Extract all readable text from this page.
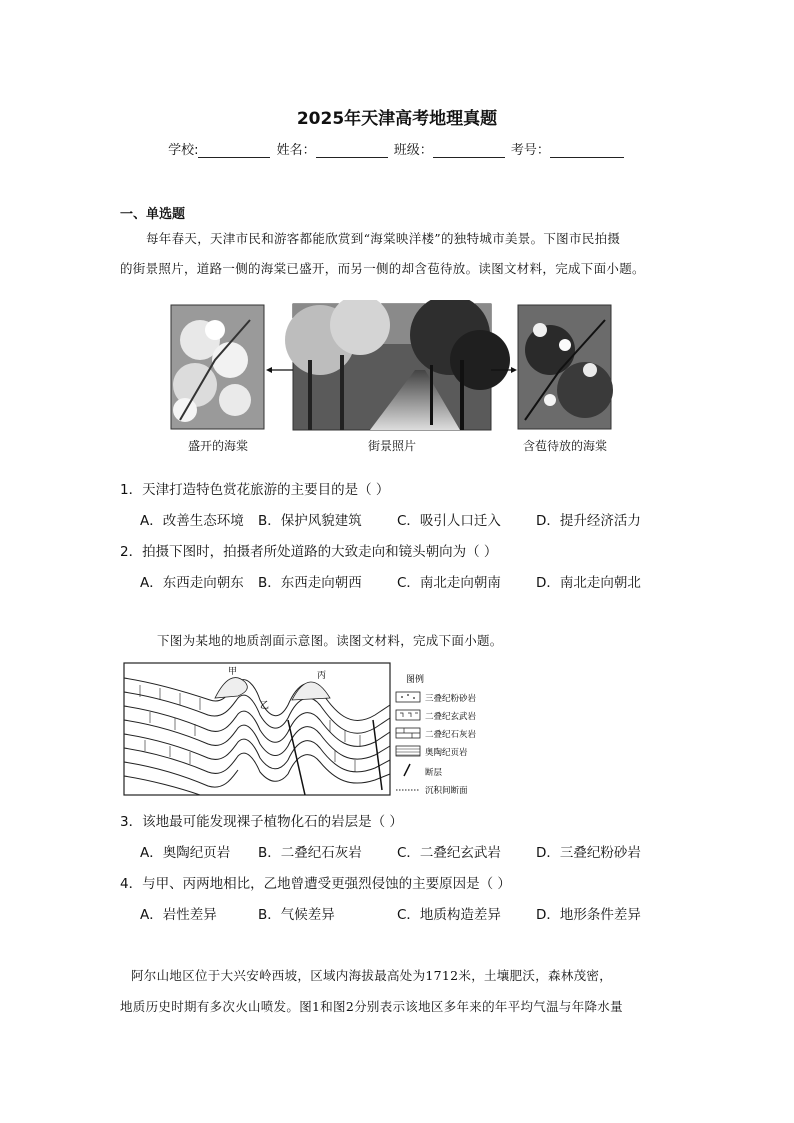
2025年天津高考地理真题
学校:	姓名：	班级：	考号：
一、单选题
每年春天，天津市民和游客都能欣赏到“海棠映洋楼”的独特城市美景。下图市民拍摄
的街景照片，道路一侧的海棠已盛开，而另一侧的却含苞待放。读图文材料，完成下面小题。
盛开的海棠	街景照片	含苞待放的海棠
1．天津打造特色赏花旅游的主要目的是（ ）
A．改善生态环境 B．保护风貌建筑	C．吸引人口迁入	D．提升经济活力
2．拍摄下图时，拍摄者所处道路的大致走向和镜头朝向为（ ）
A．东西走向朝东 B．东西走向朝西	C．南北走向朝南	D．南北走向朝北
下图为某地的地质剖面示意图。读图文材料，完成下面小题。
甲
乙
丙	图例
三叠纪粉砂岩
二叠纪玄武岩
二叠纪石灰岩
奥陶纪页岩
断层
沉积间断面
3．该地最可能发现裸子植物化石的岩层是（ ）
A．奥陶纪页岩 B．二叠纪石灰岩	C．二叠纪玄武岩	D．三叠纪粉砂岩
4．与甲、丙两地相比，乙地曾遭受更强烈侵蚀的主要原因是（ ）
A．岩性差异	B．气候差异	C．地质构造差异	D．地形条件差异
阿尔山地区位于大兴安岭西坡，区域内海拔最高处为1712米，土壤肥沃，森林茂密，
地质历史时期有多次火山喷发。图1和图2分别表示该地区多年来的年平均气温与年降水量
